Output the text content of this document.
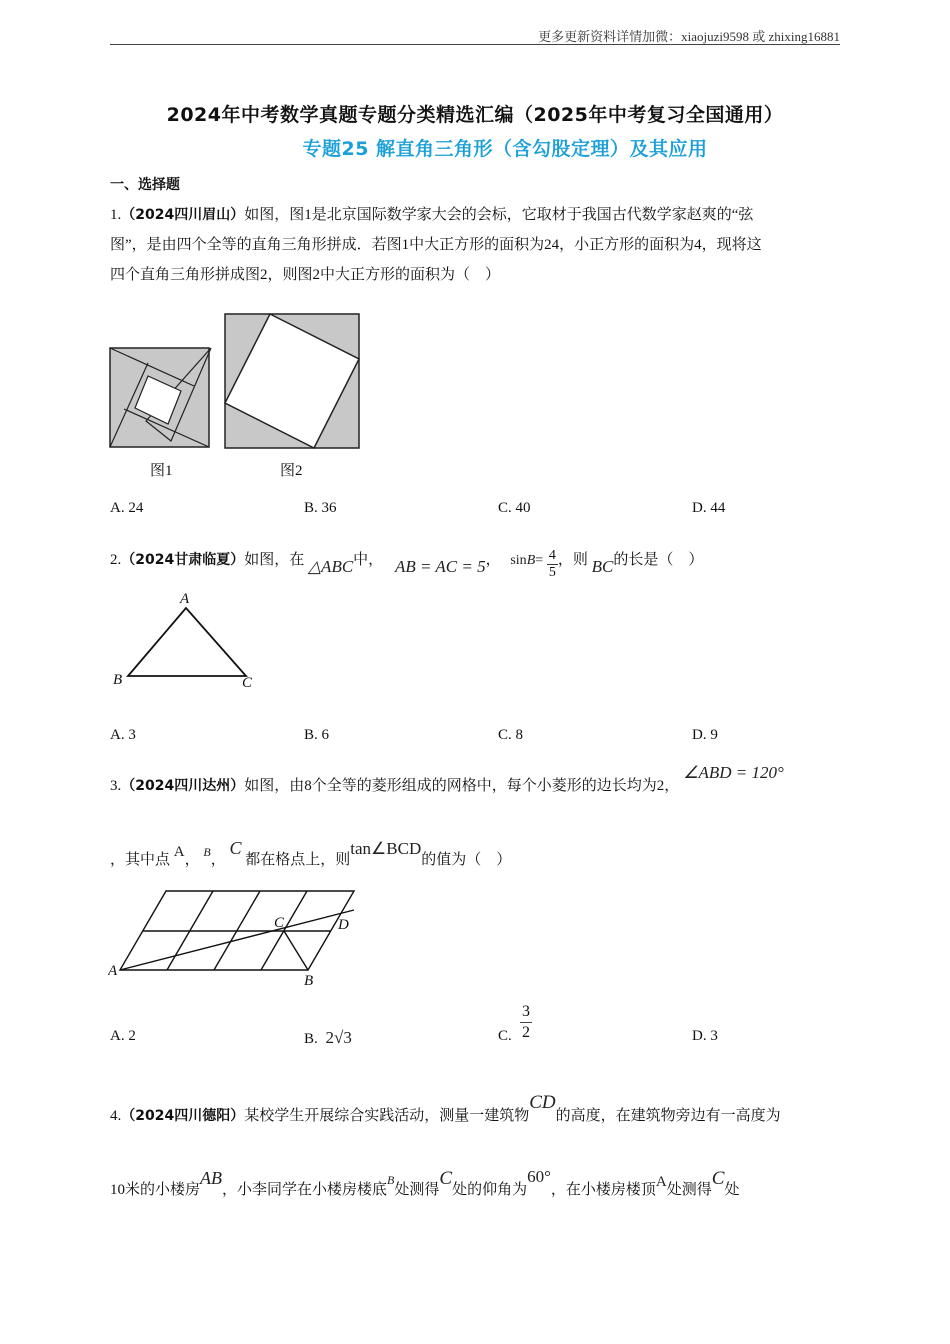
更多更新资料详情加微：xiaojuzi9598 或 zhixing16881
2024年中考数学真题专题分类精选汇编（2025年中考复习全国通用）
专题25 解直角三角形（含勾股定理）及其应用
一、选择题
1.（2024四川眉山）如图，图1是北京国际数学家大会的会标，它取材于我国古代数学家赵爽的“弦
图”，是由四个全等的直角三角形拼成．若图1中大正方形的面积为24，小正方形的面积为4，现将这
四个直角三角形拼成图2，则图2中大正方形的面积为（　）
图1	图2
A. 24	B. 36	C. 40	D. 44
2.（2024甘肃临夏）如图，在 △ABC中， AB = AC = 5， $\sin B= \frac{4}{5}$ ，则 BC的长是（　）
A
B	C
A. 3	B. 6	C. 8	D. 9
3.（2024四川达州）如图，由8个全等的菱形组成的网格中，每个小菱形的边长均为2，∠ABD = 120°
，其中点 A， $^B$， C 都在格点上，则tan∠BCD的值为（　）
A
B
C	D
A. 2	B. 2√3	C. $\frac{3}{2}$	D. 3
4.（2024四川德阳）某校学生开展综合实践活动，测量一建筑物CD的高度，在建筑物旁边有一高度为
10米的小楼房AB，小李同学在小楼房楼底$^B$处测得C处的仰角为60°，在小楼房楼顶A处测得C处
